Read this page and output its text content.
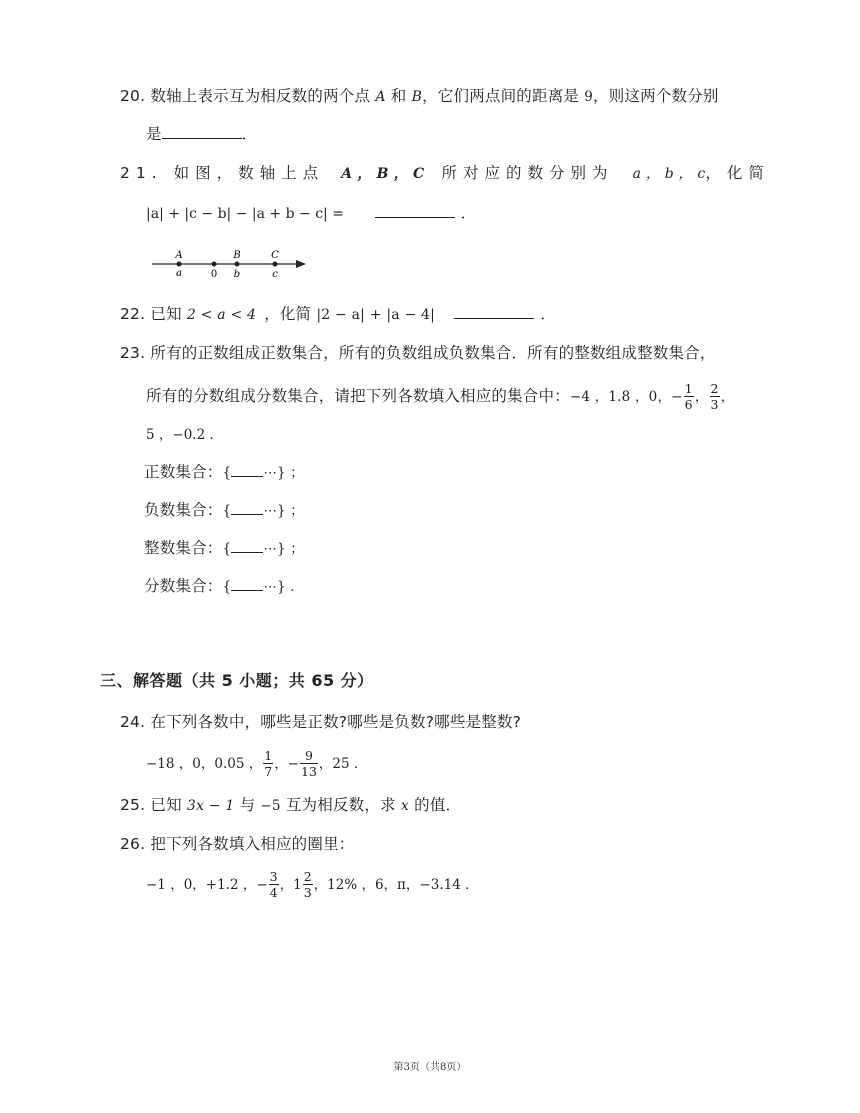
20. 数轴上表示互为相反数的两个点 A 和 B，它们两点间的距离是 9，则这两个数分别
是	．
21. 如图，数轴上点 A ， B ， C 所对应的数分别为 a ， b ， c，化简
|a| + |c − b| − |a + b − c| =	．
A	B	C
a	0 b	c
22. 已知 2 < a < 4 ，化简 |2 − a| + |a − 4|	．
23. 所有的正数组成正数集合，所有的负数组成负数集合．所有的整数组成整数集合，
所有的分数组成分数集合，请把下列各数填入相应的集合中：−4 ，1.8 ，0，− $\frac{1}{6}$ ， $\frac{2}{3}$ ，
5 ，−0.2 ．
正数集合：{ ⋯} ；
负数集合：{ ⋯} ；
整数集合：{ ⋯} ；
分数集合：{ ⋯} ．
三、解答题（共 5 小题；共 65 分）
24. 在下列各数中，哪些是正数?哪些是负数?哪些是整数?
−18 ，0，0.05 ， $\frac{1}{7}$ ，− $\frac{9}{13}$ ，25 ．
25. 已知 3x − 1 与 −5 互为相反数，求 x 的值．
26. 把下列各数填入相应的圈里：
−1 ，0，+1.2 ，− $\frac{3}{4}$ ，$1 \frac{2}{3}$ ，12% ，6，π，−3.14 ．
第3页（共8页）
